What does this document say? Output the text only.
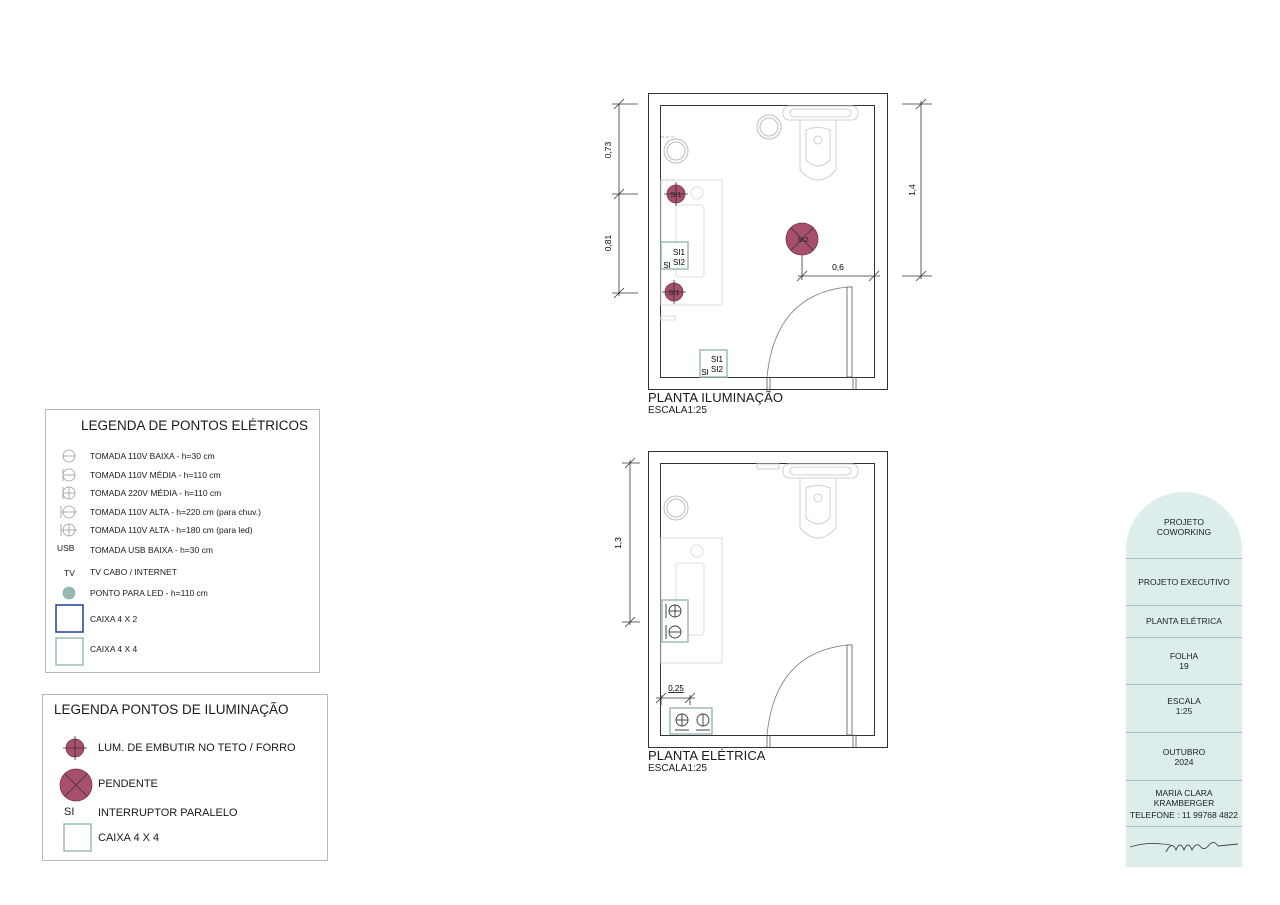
0,73
0,81
1,4
0,6
SI1
SI1
SI2
SI1
SI2
SI
SI1
SI2
SI
PLANTA ILUMINAÇÃO
ESCALA1:25
1,3
0,25
PLANTA ELÉTRICA
ESCALA1:25
LEGENDA DE PONTOS ELÉTRICOS
USB
TV
TOMADA 110V BAIXA - h=30 cm
TOMADA 110V MÉDIA - h=110 cm
TOMADA 220V MÉDIA - h=110 cm
TOMADA 110V ALTA - h=220 cm (para chuv.)
TOMADA 110V ALTA - h=180 cm (para led)
TOMADA USB BAIXA - h=30 cm
TV CABO / INTERNET
PONTO PARA LED - h=110 cm
CAIXA 4 X 2
CAIXA 4 X 4
LEGENDA PONTOS DE ILUMINAÇÃO
SI
LUM. DE EMBUTIR NO TETO / FORRO
PENDENTE
INTERRUPTOR PARALELO
CAIXA 4 X 4
PROJETO COWORKING
PROJETO EXECUTIVO
PLANTA ELÉTRICA
FOLHA
19
ESCALA
1:25
OUTUBRO
2024
MARIA CLARA KRAMBERGER
TELEFONE : 11 99768 4822
